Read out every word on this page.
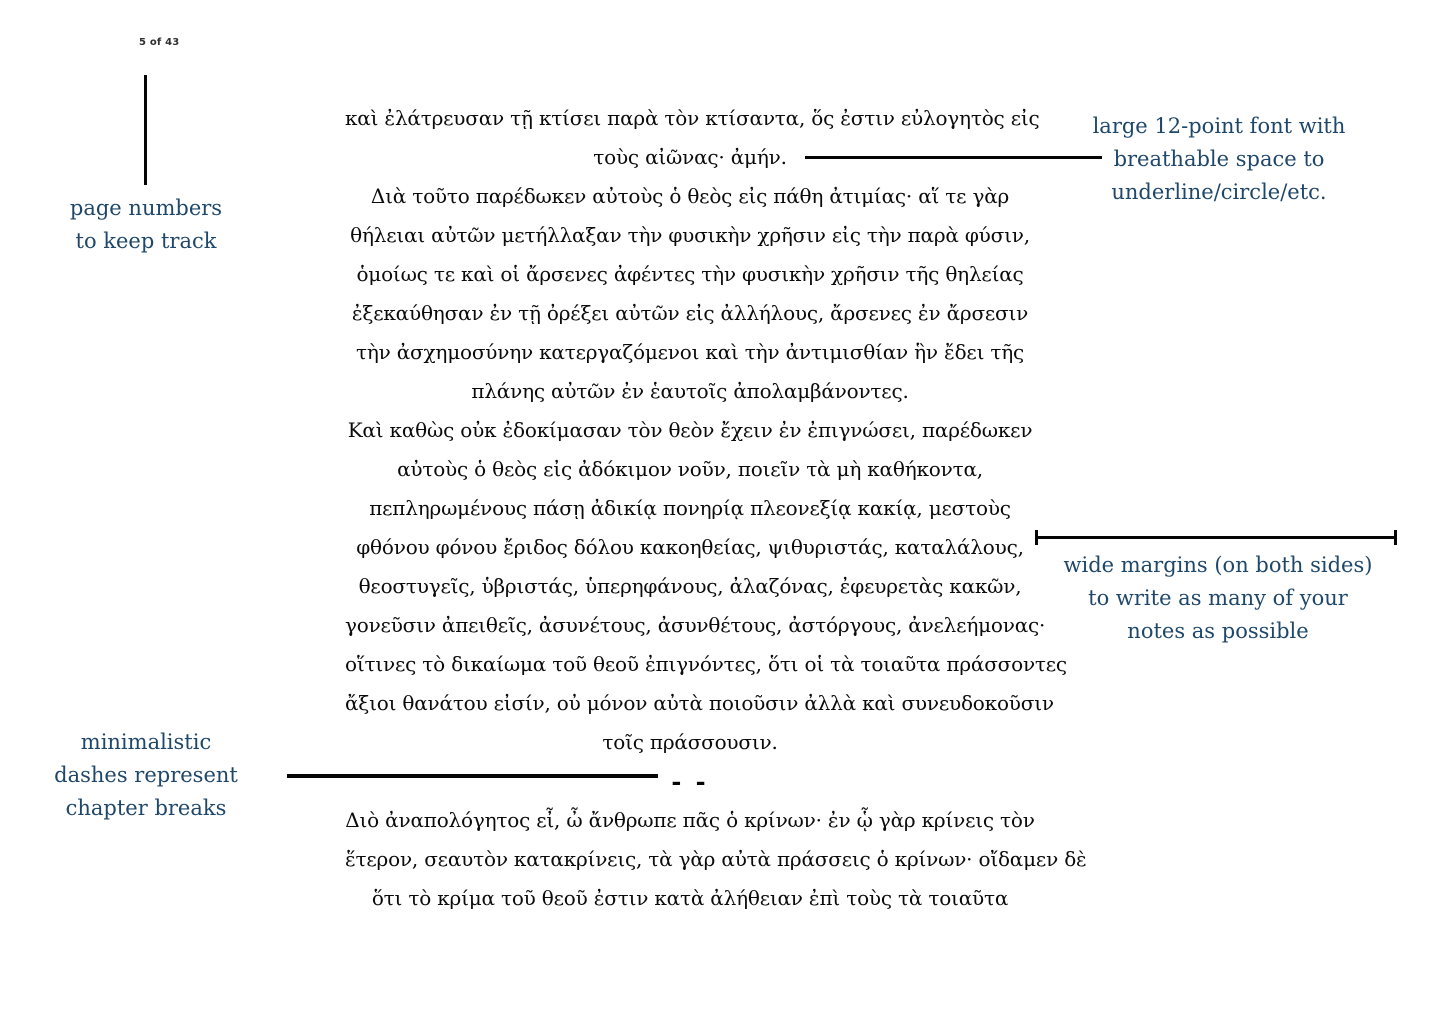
5 of 43
page numbers
to keep track
καὶ ἐλάτρευσαν τῇ κτίσει παρὰ τὸν κτίσαντα, ὅς ἐστιν εὐλογητὸς εἰς
τοὺς αἰῶνας· ἀμήν.
Διὰ τοῦτο παρέδωκεν αὐτοὺς ὁ θεὸς εἰς πάθη ἀτιμίας· αἵ τε γὰρ
θήλειαι αὐτῶν μετήλλαξαν τὴν φυσικὴν χρῆσιν εἰς τὴν παρὰ φύσιν,
ὁμοίως τε καὶ οἱ ἄρσενες ἀφέντες τὴν φυσικὴν χρῆσιν τῆς θηλείας
ἐξεκαύθησαν ἐν τῇ ὀρέξει αὐτῶν εἰς ἀλλήλους, ἄρσενες ἐν ἄρσεσιν
τὴν ἀσχημοσύνην κατεργαζόμενοι καὶ τὴν ἀντιμισθίαν ἣν ἔδει τῆς
πλάνης αὐτῶν ἐν ἑαυτοῖς ἀπολαμβάνοντες.
Καὶ καθὼς οὐκ ἐδοκίμασαν τὸν θεὸν ἔχειν ἐν ἐπιγνώσει, παρέδωκεν
αὐτοὺς ὁ θεὸς εἰς ἀδόκιμον νοῦν, ποιεῖν τὰ μὴ καθήκοντα,
πεπληρωμένους πάσῃ ἀδικίᾳ πονηρίᾳ πλεονεξίᾳ κακίᾳ, μεστοὺς
φθόνου φόνου ἔριδος δόλου κακοηθείας, ψιθυριστάς, καταλάλους,
θεοστυγεῖς, ὑβριστάς, ὑπερηφάνους, ἀλαζόνας, ἐφευρετὰς κακῶν,
γονεῦσιν ἀπειθεῖς, ἀσυνέτους, ἀσυνθέτους, ἀστόργους, ἀνελεήμονας·
οἵτινες τὸ δικαίωμα τοῦ θεοῦ ἐπιγνόντες, ὅτι οἱ τὰ τοιαῦτα πράσσοντες
ἄξιοι θανάτου εἰσίν, οὐ μόνον αὐτὰ ποιοῦσιν ἀλλὰ καὶ συνευδοκοῦσιν
τοῖς πράσσουσιν.
- -
Διὸ ἀναπολόγητος εἶ, ὦ ἄνθρωπε πᾶς ὁ κρίνων· ἐν ᾧ γὰρ κρίνεις τὸν
ἕτερον, σεαυτὸν κατακρίνεις, τὰ γὰρ αὐτὰ πράσσεις ὁ κρίνων· οἴδαμεν δὲ
ὅτι τὸ κρίμα τοῦ θεοῦ ἐστιν κατὰ ἀλήθειαν ἐπὶ τοὺς τὰ τοιαῦτα
large 12-point font with
breathable space to
underline/circle/etc.
wide margins (on both sides)
to write as many of your
notes as possible
minimalistic
dashes represent
chapter breaks
